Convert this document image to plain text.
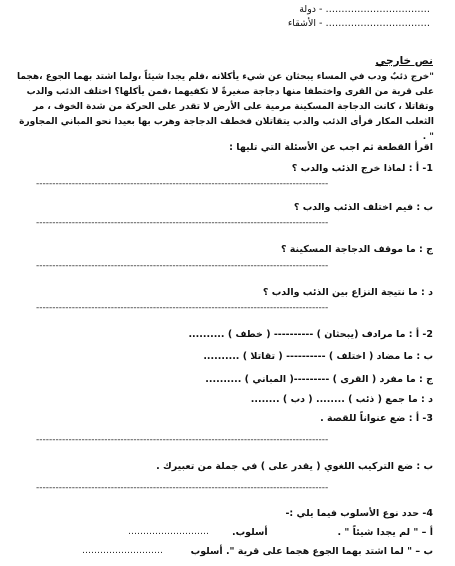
…………………………… - دولة
…………………………… - الأشقاء
نص خارجي
"خرج ذئبٌ ودب في المساء يبحثان عن شيء يأكلانه ،فلم يجدا شيئاً ،ولما اشتد بهما الجوع ،هجما على قرية من القرى واختطفا منها دجاجة صغيرةً لا تكفيهما ،فمن يأكلها؟ اختلف الذئب والدب وتقاتلا ، كانت الدجاجة المسكينة مرمية على الأرض لا تقدر على الحركة من شدة الخوف ، مر الثعلب المكار فرأى الذئب والدب يتقاتلان فخطف الدجاجة وهرب بها بعيدا نحو المباني المجاورة " .
اقرأ القطعة ثم اجب عن الأسئلة التي تليها :
1- أ : لماذا خرج الذئب والدب ؟
------------------------------------------------------------------------------------------
ب : فيم اختلف الذئب والدب ؟
------------------------------------------------------------------------------------------
ج : ما موقف الدجاجة المسكينة ؟
------------------------------------------------------------------------------------------
د : ما نتيجة النزاع بين الذئب والدب ؟
------------------------------------------------------------------------------------------
2- أ : ما مرادف (يبحثان ) ---------- ( خطف ) ..........
ب : ما مضاد ( اختلف ) ---------- ( تقاتلا ) ..........
ج : ما مفرد ( القرى ) ---------( المباني ) ..........
د : ما جمع ( ذئب ) ........ ( دب ) ........
3- أ : ضع عنواناً للقصة .
------------------------------------------------------------------------------------------
ب : ضع التركيب اللغوي ( يقدر على ) في جملة من تعبيرك .
------------------------------------------------------------------------------------------
4- حدد نوع الأسلوب فيما يلي :-
أ – " لم يجدا شيئاً " .
أسلوب.
………………………
ب – " لما اشتد بهما الجوع هجما على قرية ". أسلوب
………………………
